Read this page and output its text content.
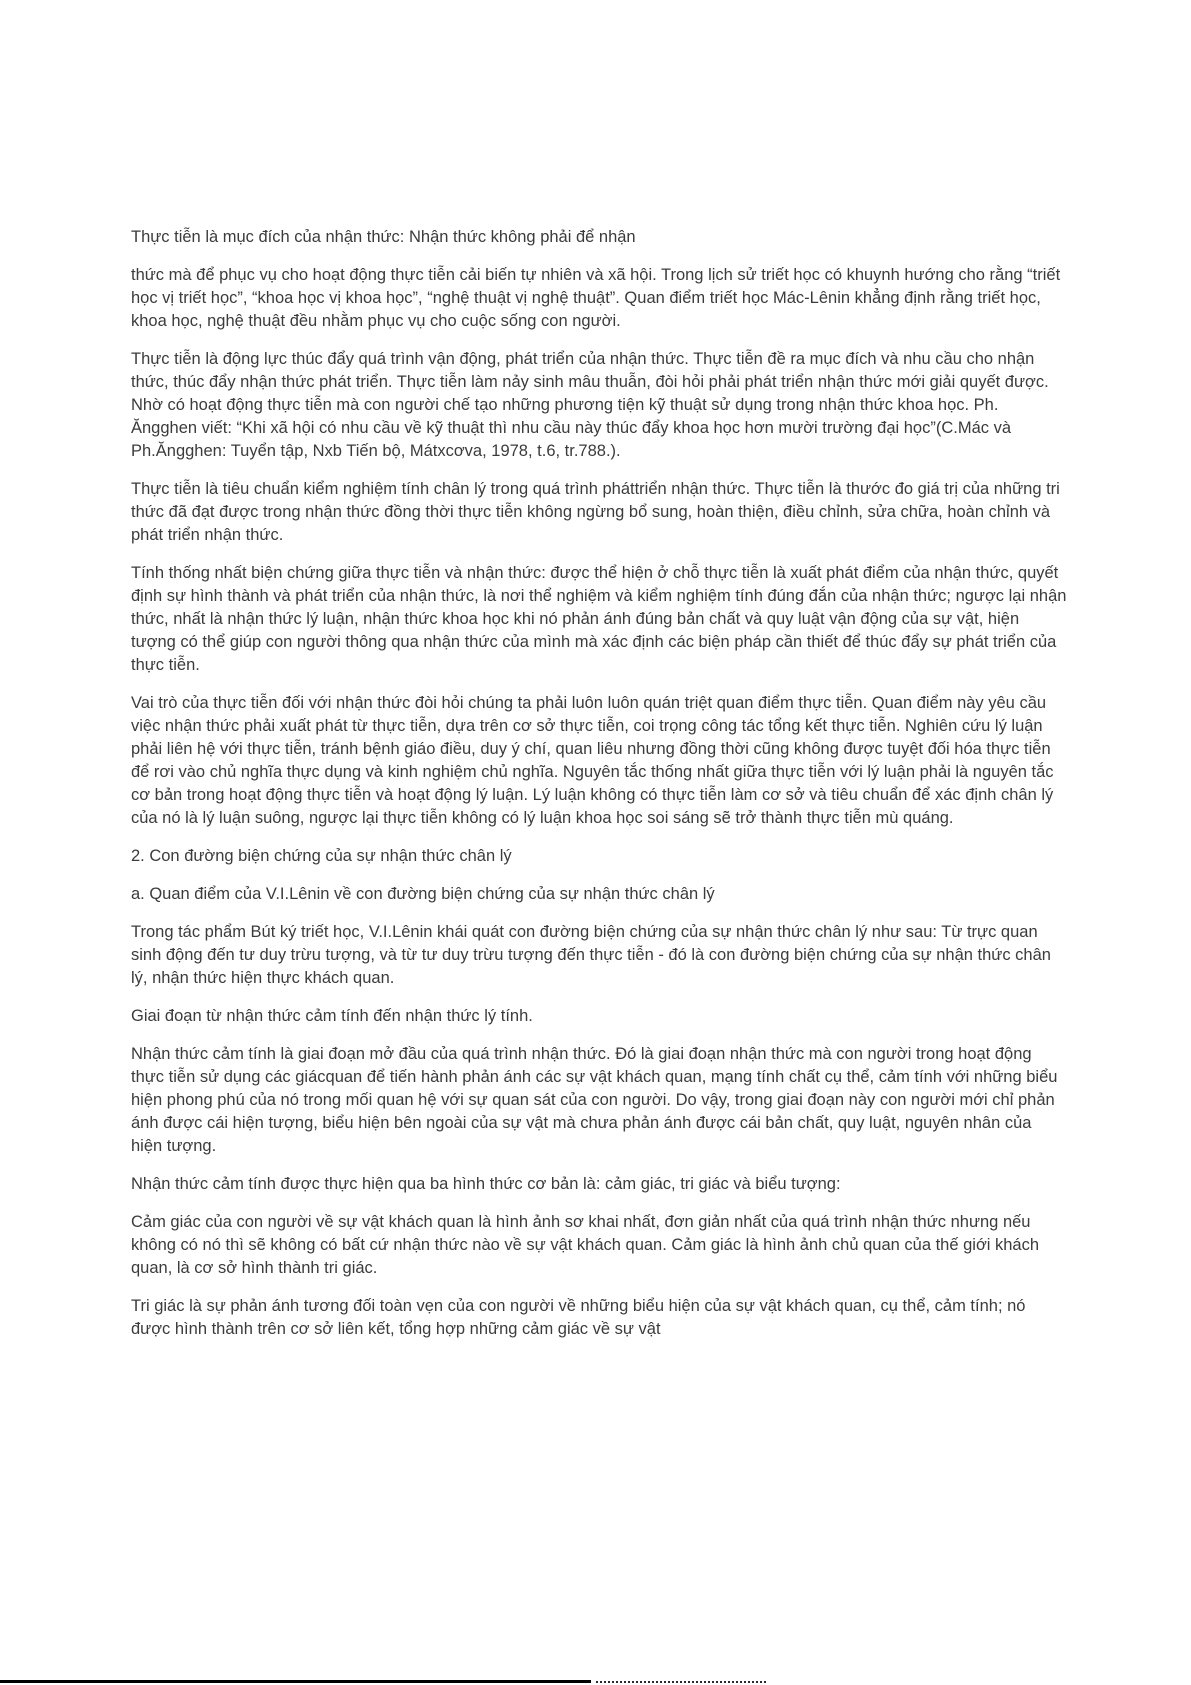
Thực tiễn là mục đích của nhận thức: Nhận thức không phải để nhận

thức mà để phục vụ cho hoạt động thực tiễn cải biến tự nhiên và xã hội. Trong lịch sử triết học có khuynh hướng cho rằng “triết học vị triết học”, “khoa học vị khoa học”, “nghệ thuật vị nghệ thuật”. Quan điểm triết học Mác-Lênin khẳng định rằng triết học, khoa học, nghệ thuật đều nhằm phục vụ cho cuộc sống con người.

Thực tiễn là động lực thúc đẩy quá trình vận động, phát triển của nhận thức. Thực tiễn đề ra mục đích và nhu cầu cho nhận thức, thúc đẩy nhận thức phát triển. Thực tiễn làm nảy sinh mâu thuẫn, đòi hỏi phải phát triển nhận thức mới giải quyết được. Nhờ có hoạt động thực tiễn mà con người chế tạo những phương tiện kỹ thuật sử dụng trong nhận thức khoa học. Ph. Ăngghen viết: “Khi xã hội có nhu cầu về kỹ thuật thì nhu cầu này thúc đẩy khoa học hơn mười trường đại học”(C.Mác và Ph.Ăngghen: Tuyển tập, Nxb Tiến bộ, Mátxcơva, 1978, t.6, tr.788.).

Thực tiễn là tiêu chuẩn kiểm nghiệm tính chân lý trong quá trình pháttriển nhận thức. Thực tiễn là thước đo giá trị của những tri thức đã đạt được trong nhận thức đồng thời thực tiễn không ngừng bổ sung, hoàn thiện, điều chỉnh, sửa chữa, hoàn chỉnh và phát triển nhận thức.

Tính thống nhất biện chứng giữa thực tiễn và nhận thức: được thể hiện ở chỗ thực tiễn là xuất phát điểm của nhận thức, quyết định sự hình thành và phát triển của nhận thức, là nơi thể nghiệm và kiểm nghiệm tính đúng đắn của nhận thức; ngược lại nhận thức, nhất là nhận thức lý luận, nhận thức khoa học khi nó phản ánh đúng bản chất và quy luật vận động của sự vật, hiện tượng có thể giúp con người thông qua nhận thức của mình mà xác định các biện pháp cần thiết để thúc đẩy sự phát triển của thực tiễn.

Vai trò của thực tiễn đối với nhận thức đòi hỏi chúng ta phải luôn luôn quán triệt quan điểm thực tiễn. Quan điểm này yêu cầu việc nhận thức phải xuất phát từ thực tiễn, dựa trên cơ sở thực tiễn, coi trọng công tác tổng kết thực tiễn. Nghiên cứu lý luận phải liên hệ với thực tiễn, tránh bệnh giáo điều, duy ý chí, quan liêu nhưng đồng thời cũng không được tuyệt đối hóa thực tiễn để rơi vào chủ nghĩa thực dụng và kinh nghiệm chủ nghĩa. Nguyên tắc thống nhất giữa thực tiễn với lý luận phải là nguyên tắc cơ bản trong hoạt động thực tiễn và hoạt động lý luận. Lý luận không có thực tiễn làm cơ sở và tiêu chuẩn để xác định chân lý của nó là lý luận suông, ngược lại thực tiễn không có lý luận khoa học soi sáng sẽ trở thành thực tiễn mù quáng.

2. Con đường biện chứng của sự nhận thức chân lý

a. Quan điểm của V.I.Lênin về con đường biện chứng của sự nhận thức chân lý

Trong tác phẩm Bút ký triết học, V.I.Lênin khái quát con đường biện chứng của sự nhận thức chân lý như sau: Từ trực quan sinh động đến tư duy trừu tượng, và từ tư duy trừu tượng đến thực tiễn - đó là con đường biện chứng của sự nhận thức chân lý, nhận thức hiện thực khách quan.

Giai đoạn từ nhận thức cảm tính đến nhận thức lý tính.

Nhận thức cảm tính là giai đoạn mở đầu của quá trình nhận thức. Đó là giai đoạn nhận thức mà con người trong hoạt động thực tiễn sử dụng các giácquan để tiến hành phản ánh các sự vật khách quan, mạng tính chất cụ thể, cảm tính với những biểu hiện phong phú của nó trong mối quan hệ với sự quan sát của con người. Do vậy, trong giai đoạn này con người mới chỉ phản ánh được cái hiện tượng, biểu hiện bên ngoài của sự vật mà chưa phản ánh được cái bản chất, quy luật, nguyên nhân của hiện tượng.

Nhận thức cảm tính được thực hiện qua ba hình thức cơ bản là: cảm giác, tri giác và biểu tượng:

Cảm giác của con người về sự vật khách quan là hình ảnh sơ khai nhất, đơn giản nhất của quá trình nhận thức nhưng nếu không có nó thì sẽ không có bất cứ nhận thức nào về sự vật khách quan. Cảm giác là hình ảnh chủ quan của thế giới khách quan, là cơ sở hình thành tri giác.

Tri giác là sự phản ánh tương đối toàn vẹn của con người về những biểu hiện của sự vật khách quan, cụ thể, cảm tính; nó được hình thành trên cơ sở liên kết, tổng hợp những cảm giác về sự vật
